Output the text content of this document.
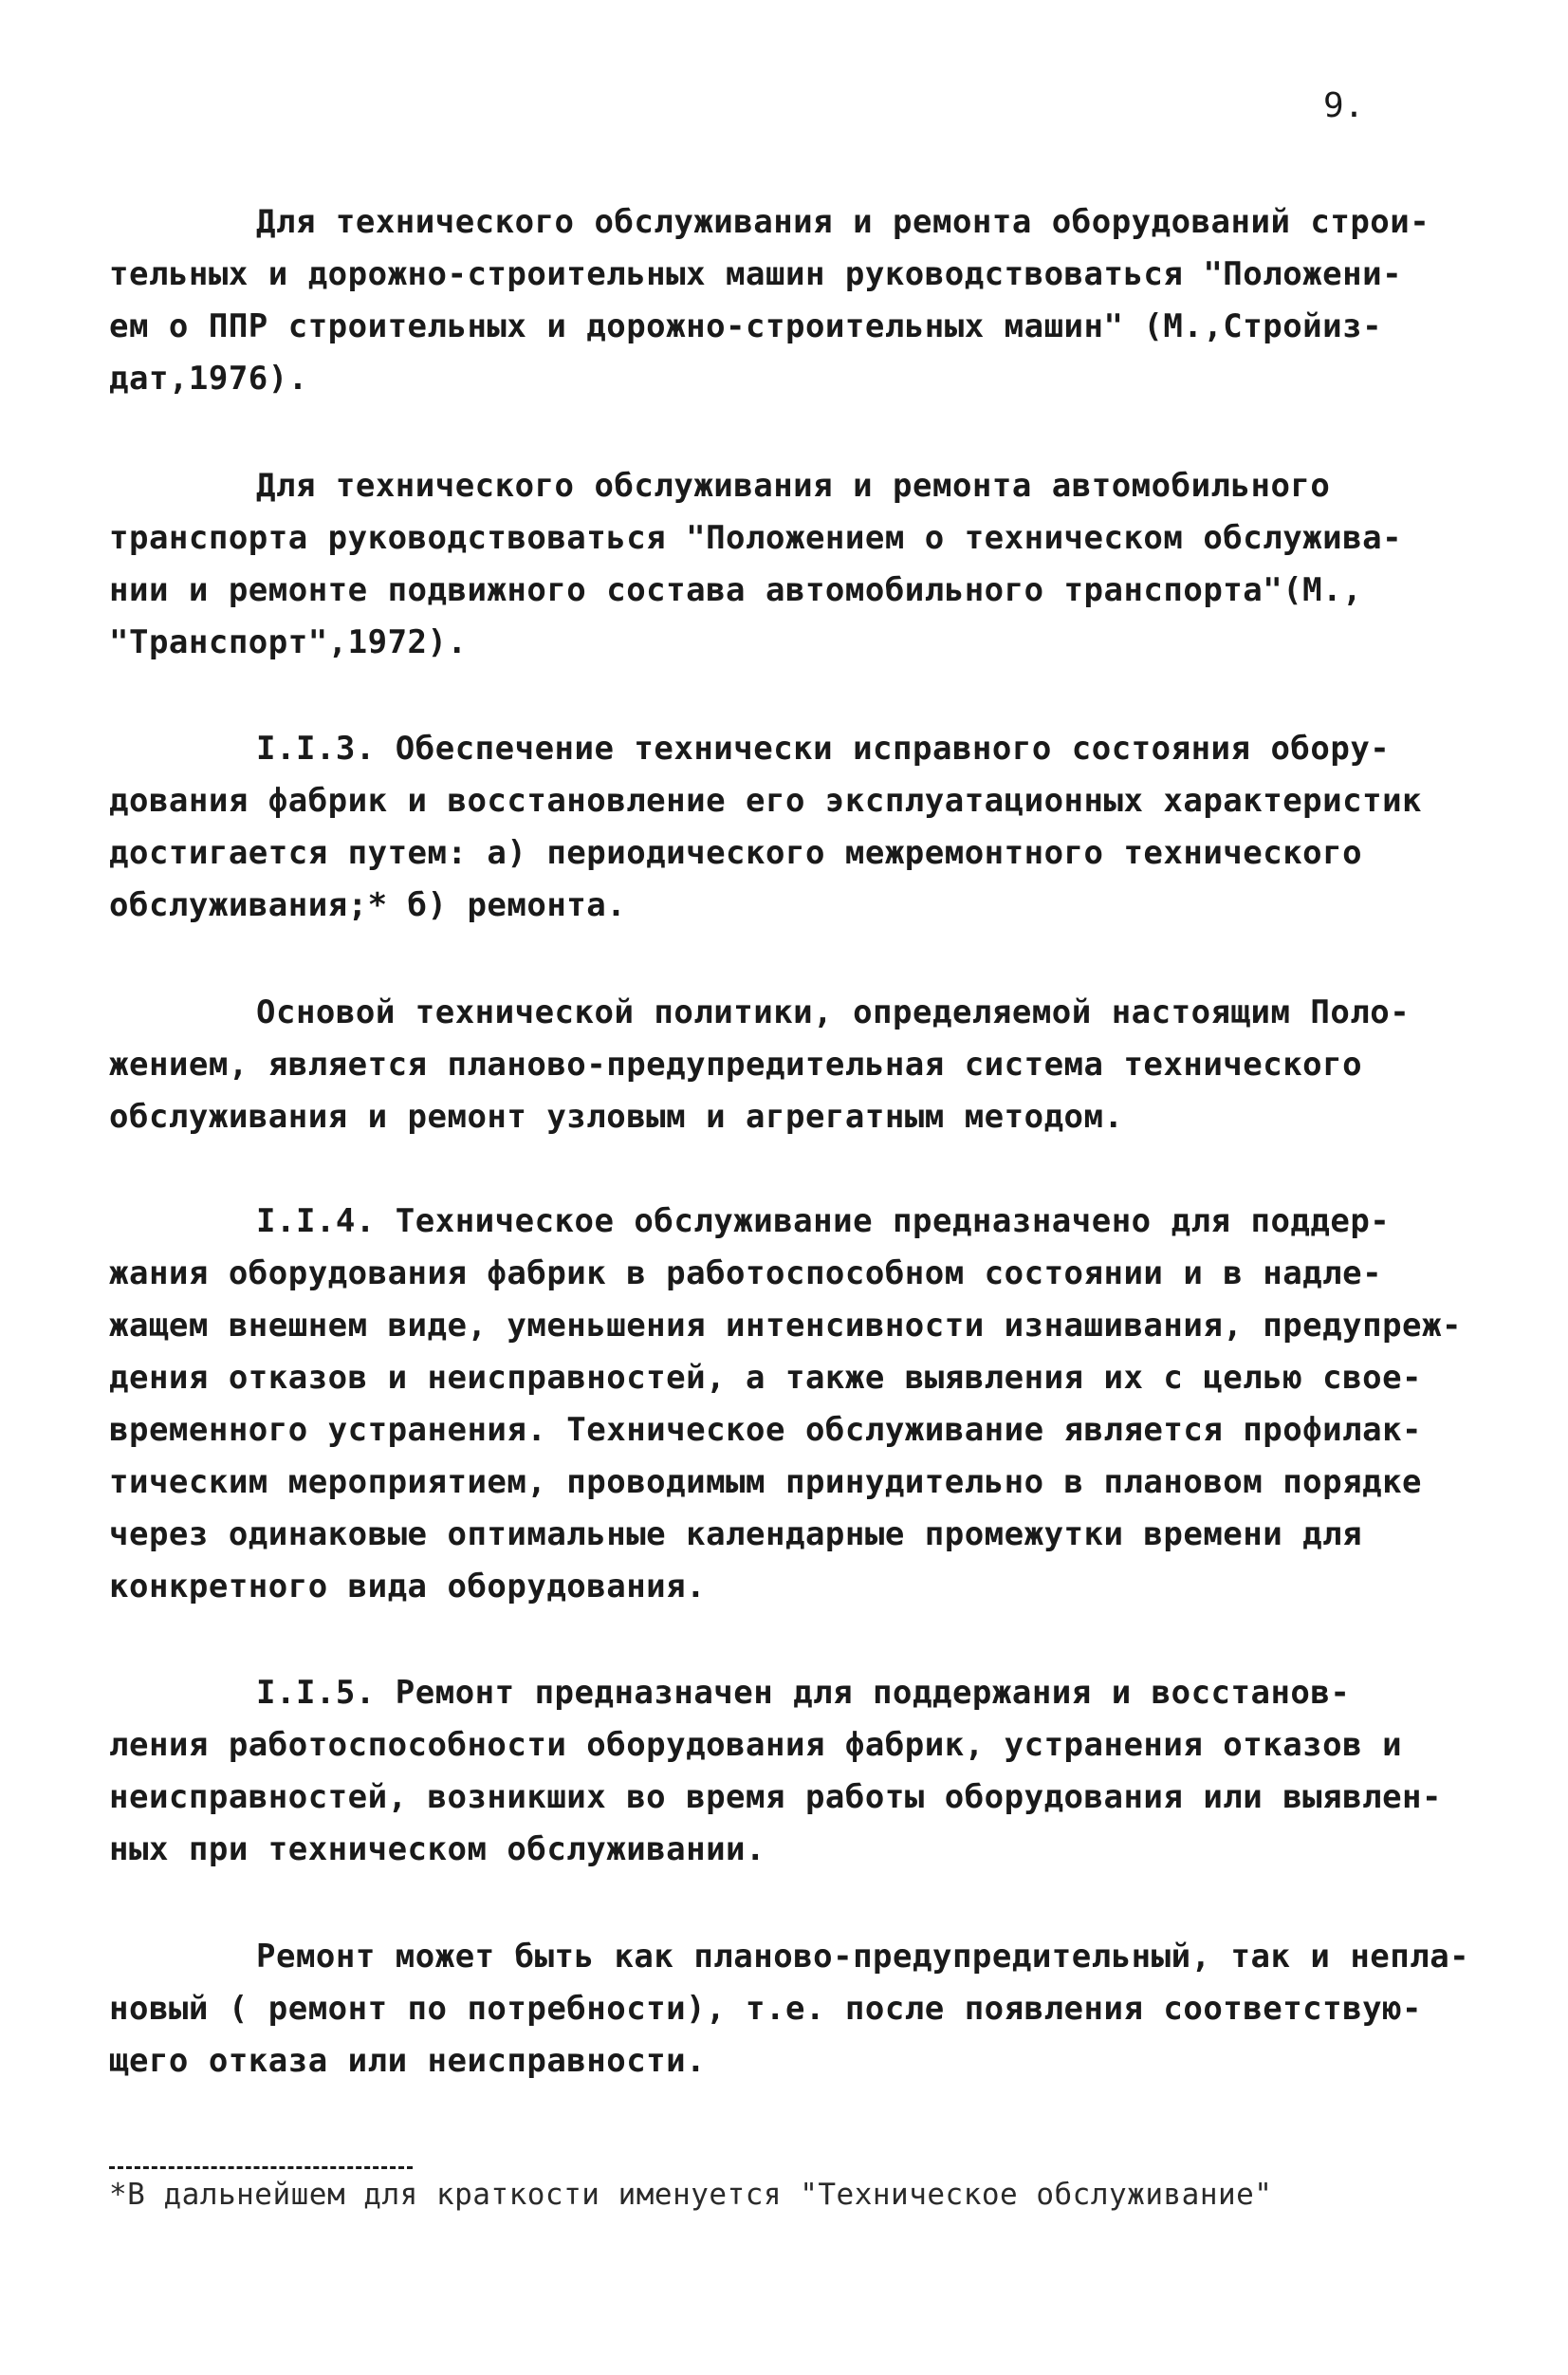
9.
Для технического обслуживания и ремонта оборудований строи-
тельных и дорожно-строительных машин руководствоваться "Положени-
ем о ППР строительных и дорожно-строительных машин" (М.,Стройиз-
дат,1976).
Для технического обслуживания и ремонта автомобильного
транспорта руководствоваться "Положением о техническом обслужива-
нии и ремонте подвижного состава автомобильного транспорта"(М.,
"Транспорт",1972).
I.I.3. Обеспечение технически исправного состояния обору-
дования фабрик и восстановление его эксплуатационных характеристик
достигается путем: а) периодического межремонтного технического
обслуживания;* б) ремонта.
Основой технической политики, определяемой настоящим Поло-
жением, является планово-предупредительная система технического
обслуживания и ремонт узловым и агрегатным методом.
I.I.4. Техническое обслуживание предназначено для поддер-
жания оборудования фабрик в работоспособном состоянии и в надле-
жащем внешнем виде, уменьшения интенсивности изнашивания, предупреж-
дения отказов и неисправностей, а также выявления их с целью свое-
временного устранения. Техническое обслуживание является профилак-
тическим мероприятием, проводимым принудительно в плановом порядке
через одинаковые оптимальные календарные промежутки времени для
конкретного вида оборудования.
I.I.5. Ремонт предназначен для поддержания и восстанов-
ления работоспособности оборудования фабрик, устранения отказов и
неисправностей, возникших во время работы оборудования или выявлен-
ных при техническом обслуживании.
Ремонт может быть как планово-предупредительный, так и непла-
новый ( ремонт по потребности), т.е. после появления соответствую-
щего отказа или неисправности.
*В дальнейшем для краткости именуется "Техническое обслуживание"
